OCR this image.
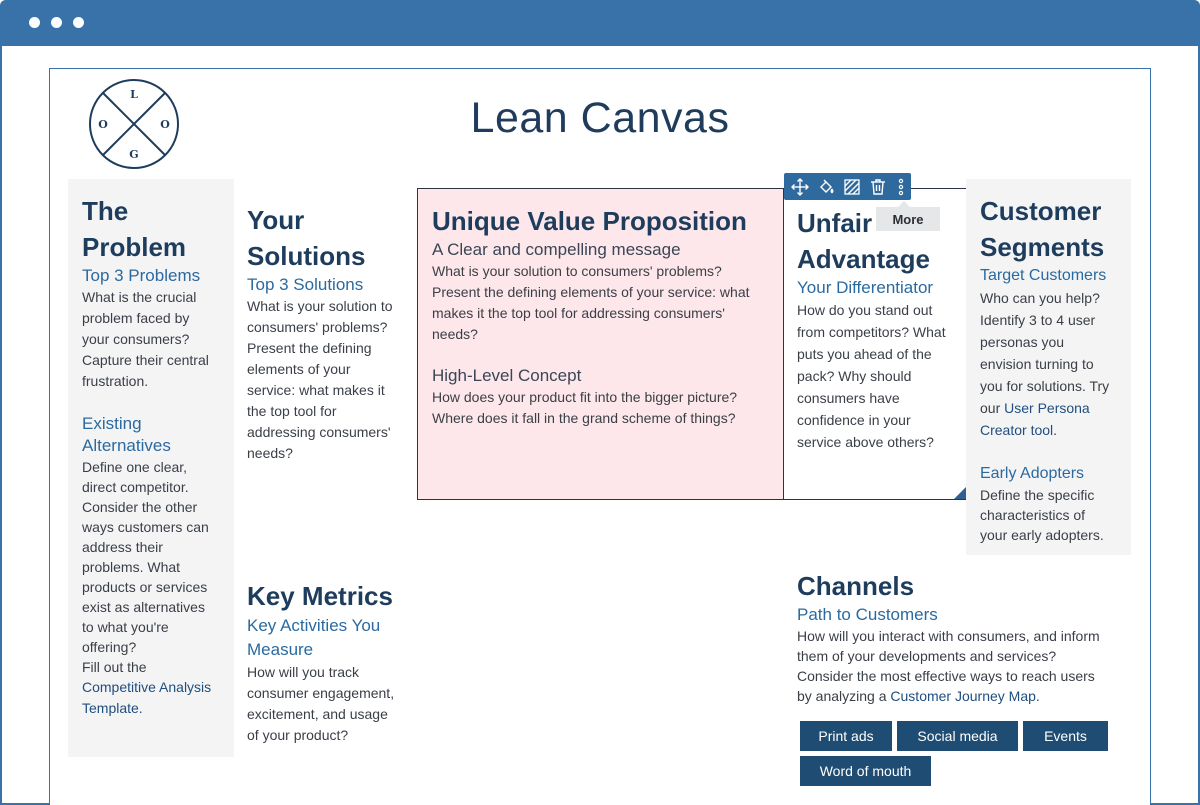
L
O	O
G
Lean Canvas
The
Problem
Top 3 Problems
What is the crucial
problem faced by
your consumers?
Capture their central
frustration.
Existing
Alternatives
Define one clear,
direct competitor.
Consider the other
ways customers can
address their
problems. What
products or services
exist as alternatives
to what you're
offering?
Fill out the
Competitive Analysis
Template.
Your
Solutions
Top 3 Solutions
What is your solution to
consumers' problems?
Present the defining
elements of your
service: what makes it
the top tool for
addressing consumers'
needs?
Unique Value Proposition
A Clear and compelling message
What is your solution to consumers' problems?
Present the defining elements of your service: what
makes it the top tool for addressing consumers'
needs?
High-Level Concept
How does your product fit into the bigger picture?
Where does it fall in the grand scheme of things?
Unfair
Advantage
Your Differentiator
How do you stand out
from competitors? What
puts you ahead of the
pack? Why should
consumers have
confidence in your
service above others?
More	Customer
Segments
Target Customers
Who can you help?
Identify 3 to 4 user
personas you
envision turning to
you for solutions. Try
our User Persona
Creator tool.
Early Adopters
Define the specific
characteristics of
your early adopters.
Key Metrics
Key Activities You
Measure
How will you track
consumer engagement,
excitement, and usage
of your product?
Channels
Path to Customers
How will you interact with consumers, and inform
them of your developments and services?
Consider the most effective ways to reach users
by analyzing a Customer Journey Map.
Print ads	Social media	Events
Word of mouth
